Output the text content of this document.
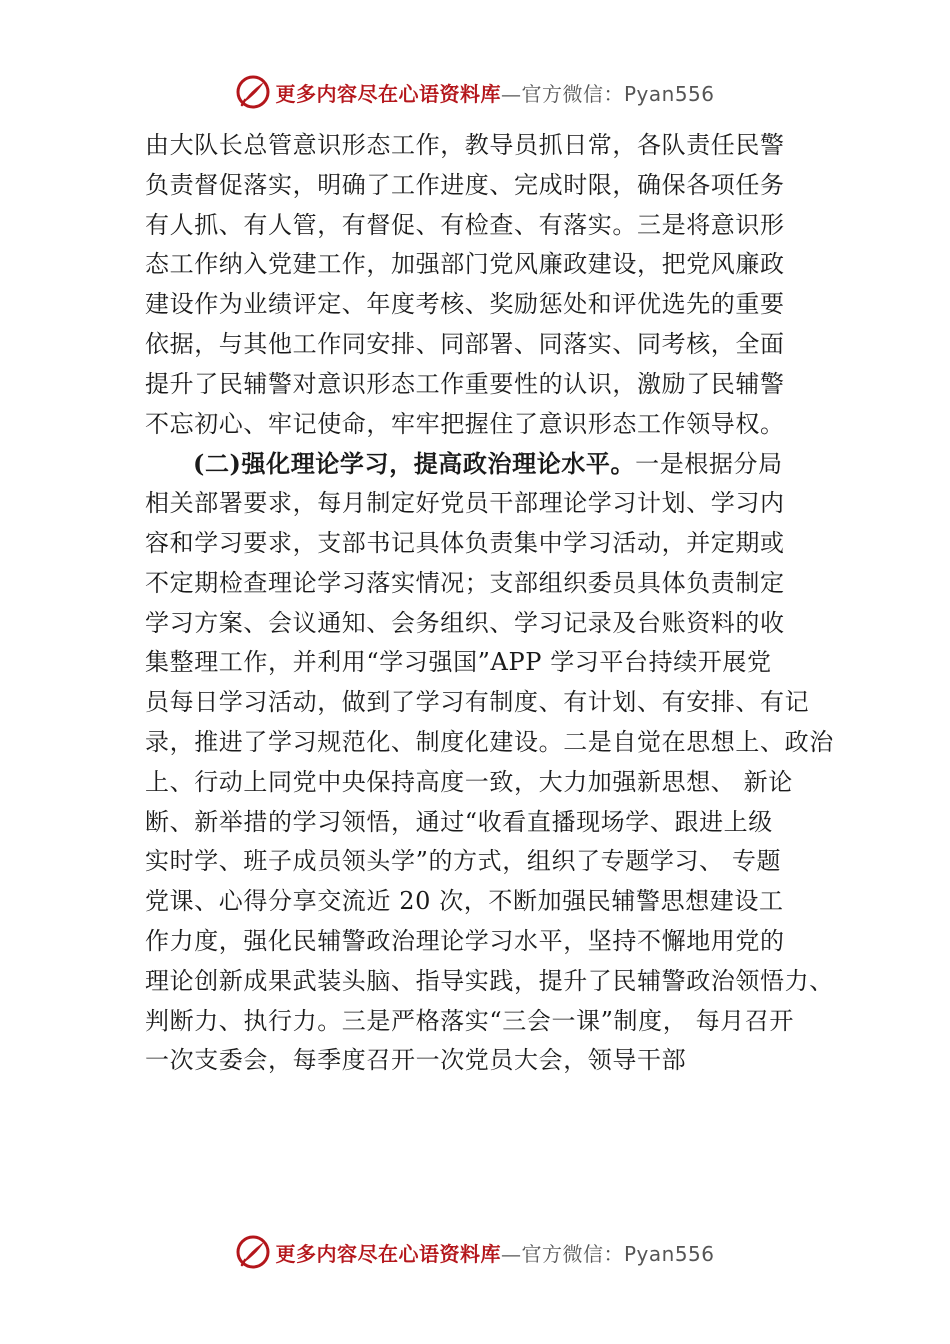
更多内容尽在心语资料库—官方微信：Pyan556
由大队长总管意识形态工作，教导员抓日常，各队责任民警
负责督促落实，明确了工作进度、完成时限，确保各项任务
有人抓、有人管，有督促、有检查、有落实。三是将意识形
态工作纳入党建工作，加强部门党风廉政建设，把党风廉政
建设作为业绩评定、年度考核、奖励惩处和评优选先的重要
依据，与其他工作同安排、同部署、同落实、同考核，全面
提升了民辅警对意识形态工作重要性的认识，激励了民辅警
不忘初心、牢记使命，牢牢把握住了意识形态工作领导权。
(二)强化理论学习，提高政治理论水平。一是根据分局
相关部署要求，每月制定好党员干部理论学习计划、学习内
容和学习要求，支部书记具体负责集中学习活动，并定期或
不定期检查理论学习落实情况；支部组织委员具体负责制定
学习方案、会议通知、会务组织、学习记录及台账资料的收
集整理工作，并利用“学习强国”APP 学习平台持续开展党
员每日学习活动，做到了学习有制度、有计划、有安排、有记
录，推进了学习规范化、制度化建设。二是自觉在思想上、政治
上、行动上同党中央保持高度一致，大力加强新思想、 新论
断、新举措的学习领悟，通过“收看直播现场学、跟进上级
实时学、班子成员领头学”的方式，组织了专题学习、 专题
党课、心得分享交流近 20 次，不断加强民辅警思想建设工
作力度，强化民辅警政治理论学习水平，坚持不懈地用党的
理论创新成果武装头脑、指导实践，提升了民辅警政治领悟力、
判断力、执行力。三是严格落实“三会一课”制度， 每月召开
一次支委会，每季度召开一次党员大会，领导干部
更多内容尽在心语资料库—官方微信：Pyan556
